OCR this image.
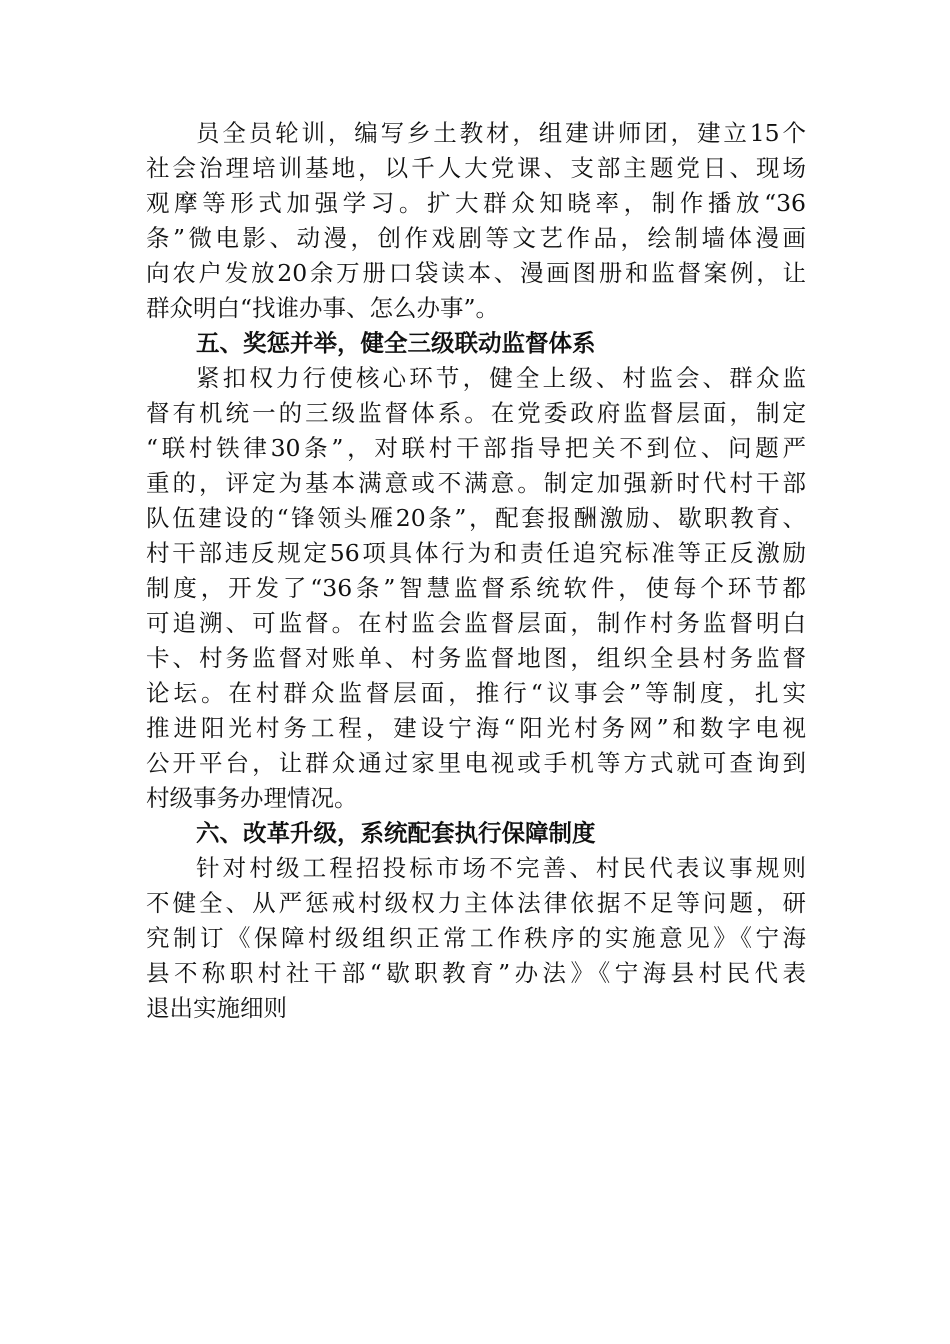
员全员轮训，编写乡土教材，组建讲师团，建立15个
社会治理培训基地，以千人大党课、支部主题党日、现场
观摩等形式加强学习。扩大群众知晓率，制作播放“36
条”微电影、动漫，创作戏剧等文艺作品，绘制墙体漫画
向农户发放20余万册口袋读本、漫画图册和监督案例，让
群众明白“找谁办事、怎么办事”。
五、奖惩并举，健全三级联动监督体系
紧扣权力行使核心环节，健全上级、村监会、群众监
督有机统一的三级监督体系。在党委政府监督层面，制定
“联村铁律30条”，对联村干部指导把关不到位、问题严
重的，评定为基本满意或不满意。制定加强新时代村干部
队伍建设的“锋领头雁20条”，配套报酬激励、歇职教育、
村干部违反规定56项具体行为和责任追究标准等正反激励
制度，开发了“36条”智慧监督系统软件，使每个环节都
可追溯、可监督。在村监会监督层面，制作村务监督明白
卡、村务监督对账单、村务监督地图，组织全县村务监督
论坛。在村群众监督层面，推行“议事会”等制度，扎实
推进阳光村务工程，建设宁海“阳光村务网”和数字电视
公开平台，让群众通过家里电视或手机等方式就可查询到
村级事务办理情况。
六、改革升级，系统配套执行保障制度
针对村级工程招投标市场不完善、村民代表议事规则
不健全、从严惩戒村级权力主体法律依据不足等问题，研
究制订《保障村级组织正常工作秩序的实施意见》《宁海
县不称职村社干部“歇职教育”办法》《宁海县村民代表
退出实施细则
